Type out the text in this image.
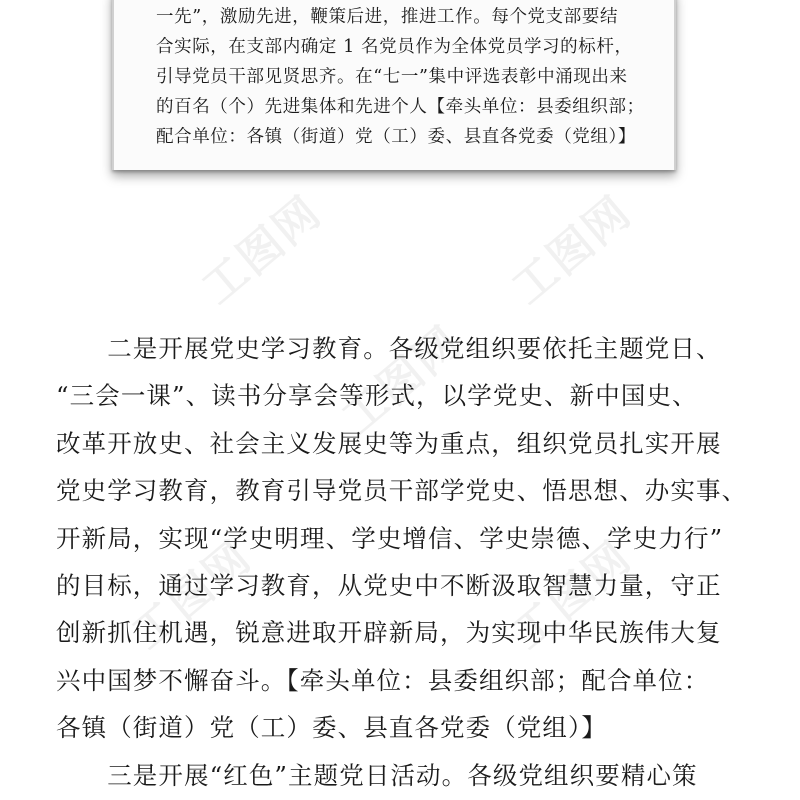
工图网	工图网
工图网
工图网	工图网
一先”，激励先进，鞭策后进，推进工作。每个党支部要结
合实际，在支部内确定 1 名党员作为全体党员学习的标杆，
引导党员干部见贤思齐。在“七一”集中评选表彰中涌现出来
的百名（个）先进集体和先进个人【牵头单位：县委组织部；
配合单位：各镇（街道）党（工）委、县直各党委（党组）】
　　二是开展党史学习教育。各级党组织要依托主题党日、
“三会一课”、读书分享会等形式，以学党史、新中国史、
改革开放史、社会主义发展史等为重点，组织党员扎实开展
党史学习教育，教育引导党员干部学党史、悟思想、办实事、
开新局，实现“学史明理、学史增信、学史崇德、学史力行”
的目标，通过学习教育，从党史中不断汲取智慧力量，守正
创新抓住机遇，锐意进取开辟新局，为实现中华民族伟大复
兴中国梦不懈奋斗。【牵头单位：县委组织部；配合单位：
各镇（街道）党（工）委、县直各党委（党组）】
　　三是开展“红色”主题党日活动。各级党组织要精心策
